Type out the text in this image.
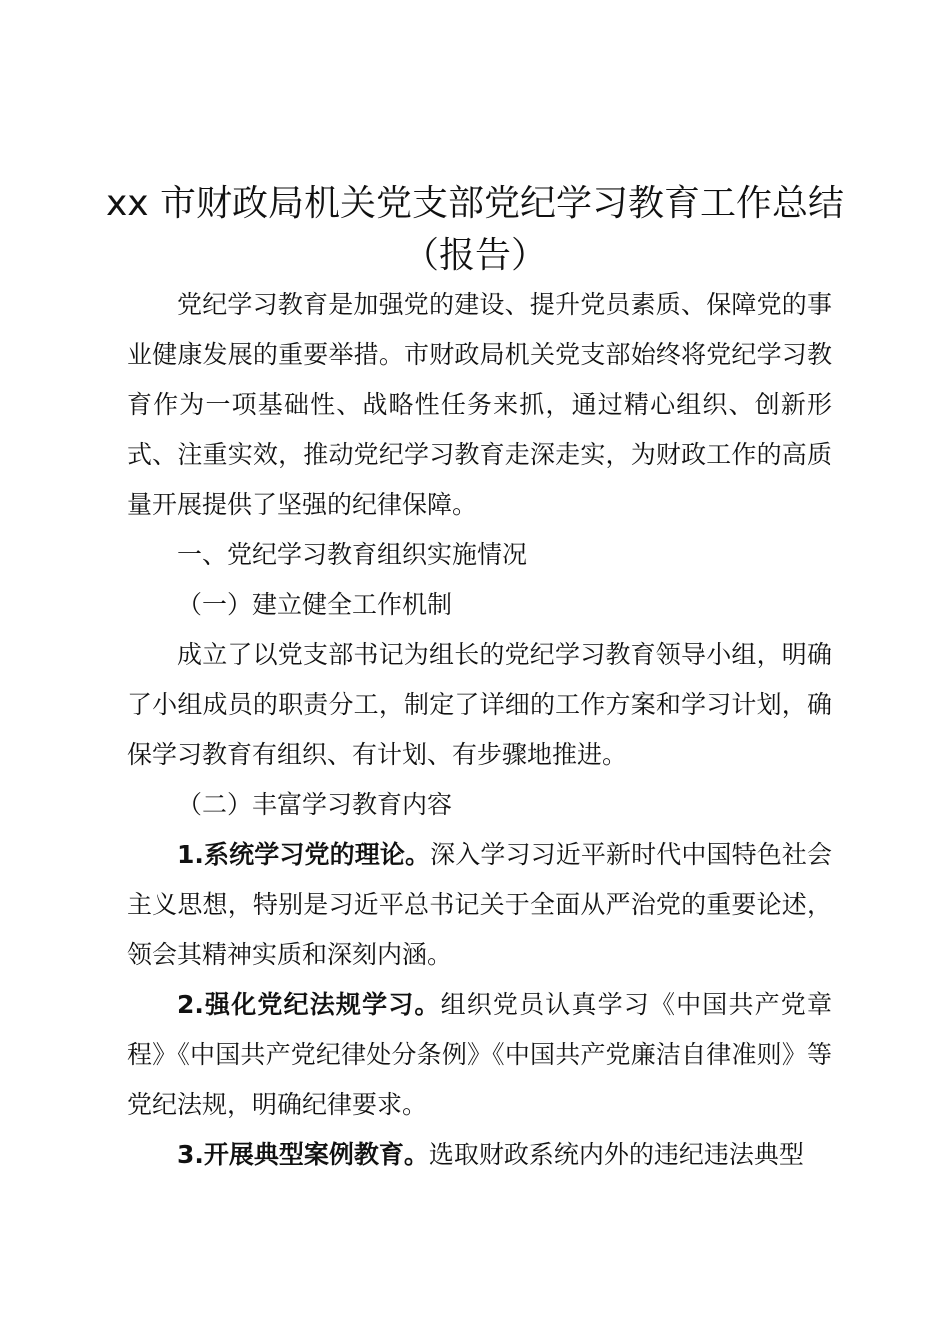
xx 市财政局机关党支部党纪学习教育工作总结（报告）

党纪学习教育是加强党的建设、提升党员素质、保障党的事业健康发展的重要举措。市财政局机关党支部始终将党纪学习教育作为一项基础性、战略性任务来抓，通过精心组织、创新形式、注重实效，推动党纪学习教育走深走实，为财政工作的高质量开展提供了坚强的纪律保障。

一、党纪学习教育组织实施情况

（一）建立健全工作机制

成立了以党支部书记为组长的党纪学习教育领导小组，明确了小组成员的职责分工，制定了详细的工作方案和学习计划，确保学习教育有组织、有计划、有步骤地推进。

（二）丰富学习教育内容

1.系统学习党的理论。深入学习习近平新时代中国特色社会主义思想，特别是习近平总书记关于全面从严治党的重要论述，领会其精神实质和深刻内涵。

2.强化党纪法规学习。组织党员认真学习《中国共产党章程》《中国共产党纪律处分条例》《中国共产党廉洁自律准则》等党纪法规，明确纪律要求。

3.开展典型案例教育。选取财政系统内外的违纪违法典型
